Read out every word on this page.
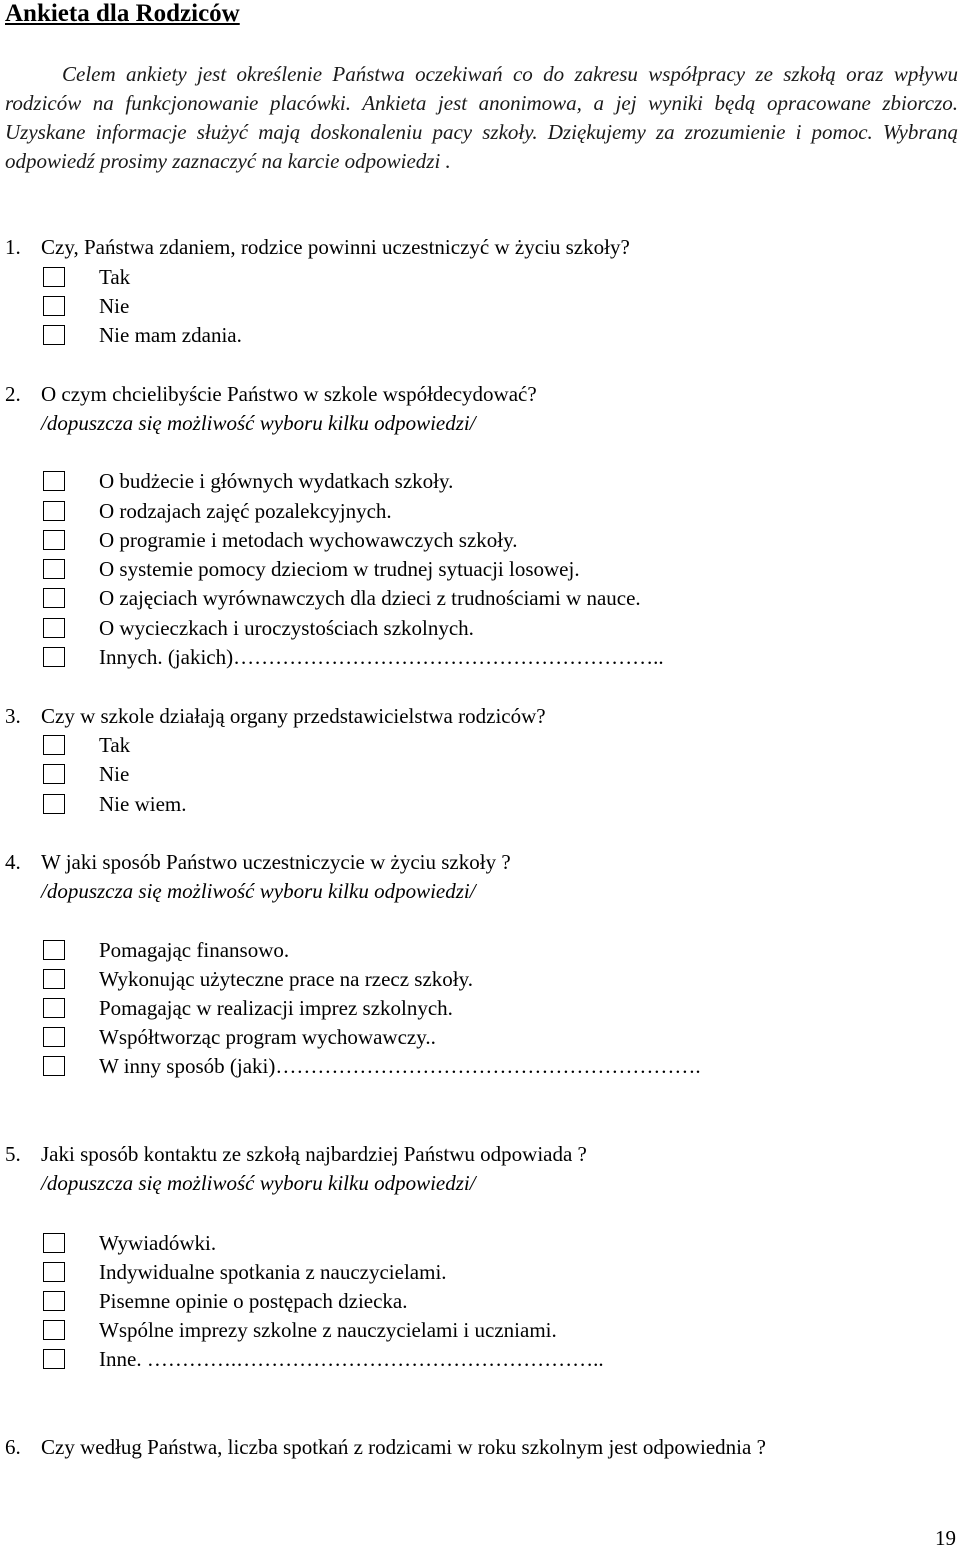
Ankieta dla Rodziców
Celem ankiety jest określenie Państwa oczekiwań co do zakresu współpracy ze szkołą oraz wpływu rodziców na funkcjonowanie placówki. Ankieta jest anonimowa, a jej wyniki będą opracowane zbiorczo. Uzyskane informacje służyć mają doskonaleniu pacy szkoły. Dziękujemy za zrozumienie i pomoc. Wybraną odpowiedź prosimy zaznaczyć na karcie odpowiedzi .
1. Czy, Państwa zdaniem, rodzice powinni uczestniczyć w życiu szkoły?
Tak
Nie
Nie mam zdania.
2. O czym chcielibyście Państwo w szkole współdecydować?
/dopuszcza się możliwość wyboru kilku odpowiedzi/
O budżecie i głównych wydatkach szkoły.
O rodzajach zajęć pozalekcyjnych.
O programie i metodach wychowawczych szkoły.
O systemie pomocy dzieciom w trudnej sytuacji losowej.
O zajęciach wyrównawczych dla dzieci z trudnościami w nauce.
O wycieczkach i uroczystościach szkolnych.
Innych. (jakich)……………………………………………………..
3. Czy w szkole działają organy przedstawicielstwa rodziców?
Tak
Nie
Nie wiem.
4. W jaki sposób Państwo uczestniczycie w życiu szkoły ?
/dopuszcza się możliwość wyboru kilku odpowiedzi/
Pomagając finansowo.
Wykonując użyteczne prace na rzecz szkoły.
Pomagając w realizacji imprez szkolnych.
Współtworząc program wychowawczy..
W inny sposób (jaki)…………………………………………………….
5. Jaki sposób kontaktu ze szkołą najbardziej Państwu odpowiada ?
/dopuszcza się możliwość wyboru kilku odpowiedzi/
Wywiadówki.
Indywidualne spotkania z nauczycielami.
Pisemne opinie o postępach dziecka.
Wspólne imprezy szkolne z nauczycielami i uczniami.
Inne. ………….……………………………………………..
6. Czy według Państwa, liczba spotkań z rodzicami w roku szkolnym jest odpowiednia ?
19
